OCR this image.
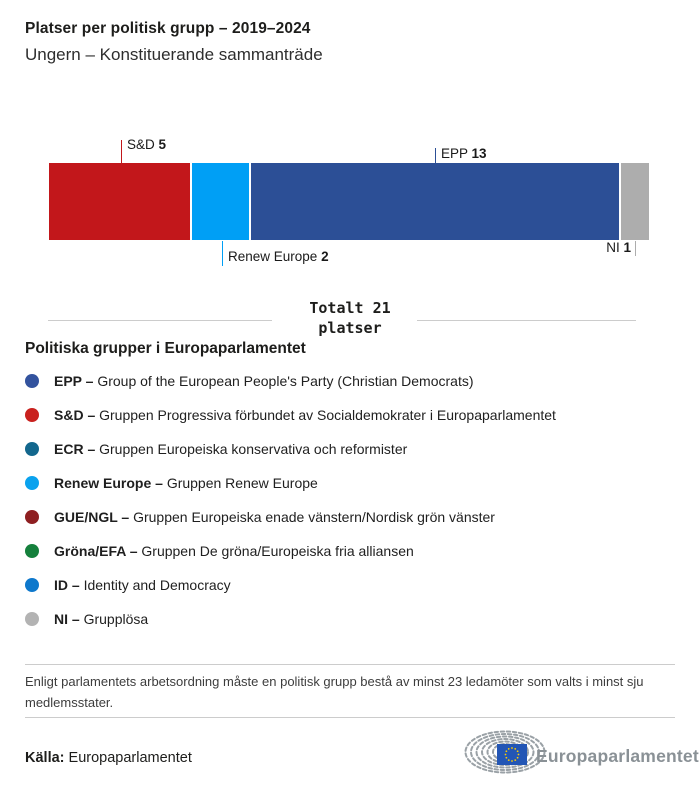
Platser per politisk grupp – 2019–2024
Ungern – Konstituerande sammanträde
S&D 5
Renew Europe 2
EPP 13
NI 1
Totalt 21
platser
Politiska grupper i Europaparlamentet
EPP – Group of the European People's Party (Christian Democrats)
S&D – Gruppen Progressiva förbundet av Socialdemokrater i Europaparlamentet
ECR – Gruppen Europeiska konservativa och reformister
Renew Europe – Gruppen Renew Europe
GUE/NGL – Gruppen Europeiska enade vänstern/Nordisk grön vänster
Gröna/EFA – Gruppen De gröna/Europeiska fria alliansen
ID – Identity and Democracy
NI – Grupplösa
Enligt parlamentets arbetsordning måste en politisk grupp bestå av minst 23 ledamöter som valts i minst sju medlemsstater.
Källa: Europaparlamentet	Europaparlamentet
